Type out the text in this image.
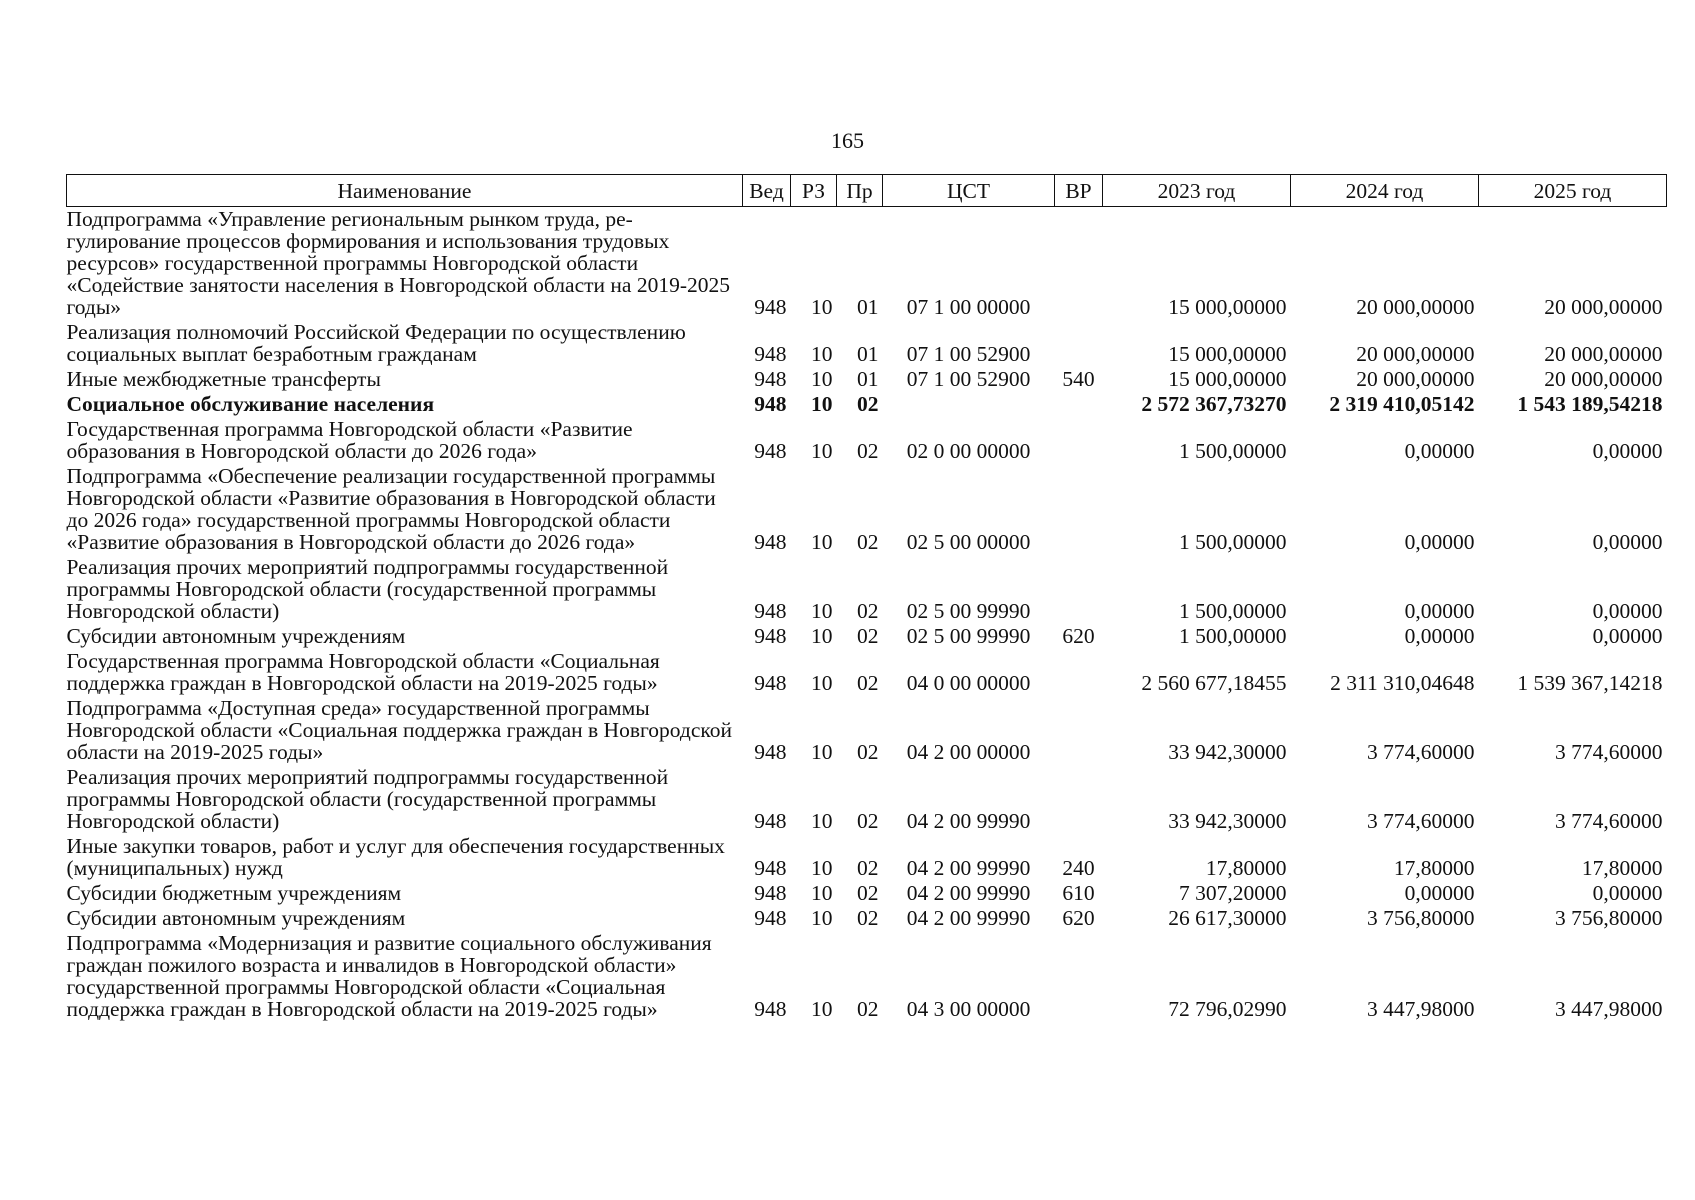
165
Наименование	Вед	РЗ	Пр	ЦСТ	ВР	2023 год	2024 год	2025 год
Подпрограмма «Управление региональным рынком труда, регулирование процессов формирования и использования трудовых ресурсов» государственной программы Новгородской области «Содействие занятости населения в Новгородской области на 2019-2025 годы»	948	10	01	07 1 00 00000		15 000,00000	20 000,00000	20 000,00000
Реализация полномочий Российской Федерации по осуществлению социальных выплат безработным гражданам	948	10	01	07 1 00 52900		15 000,00000	20 000,00000	20 000,00000
Иные межбюджетные трансферты	948	10	01	07 1 00 52900	540	15 000,00000	20 000,00000	20 000,00000
Социальное обслуживание населения	948	10	02			2 572 367,73270	2 319 410,05142	1 543 189,54218
Государственная программа Новгородской области «Развитие образования в Новгородской области до 2026 года»	948	10	02	02 0 00 00000		1 500,00000	0,00000	0,00000
Подпрограмма «Обеспечение реализации государственной программы Новгородской области «Развитие образования в Новгородской области до 2026 года» государственной программы Новгородской области «Развитие образования в Новгородской области до 2026 года»	948	10	02	02 5 00 00000		1 500,00000	0,00000	0,00000
Реализация прочих мероприятий подпрограммы государственной программы Новгородской области (государственной программы Новгородской области)	948	10	02	02 5 00 99990		1 500,00000	0,00000	0,00000
Субсидии автономным учреждениям	948	10	02	02 5 00 99990	620	1 500,00000	0,00000	0,00000
Государственная программа Новгородской области «Социальная поддержка граждан в Новгородской области на 2019-2025 годы»	948	10	02	04 0 00 00000		2 560 677,18455	2 311 310,04648	1 539 367,14218
Подпрограмма «Доступная среда» государственной программы Новгородской области «Социальная поддержка граждан в Новгородской области на 2019-2025 годы»	948	10	02	04 2 00 00000		33 942,30000	3 774,60000	3 774,60000
Реализация прочих мероприятий подпрограммы государственной программы Новгородской области (государственной программы Новгородской области)	948	10	02	04 2 00 99990		33 942,30000	3 774,60000	3 774,60000
Иные закупки товаров, работ и услуг для обеспечения государственных (муниципальных) нужд	948	10	02	04 2 00 99990	240	17,80000	17,80000	17,80000
Субсидии бюджетным учреждениям	948	10	02	04 2 00 99990	610	7 307,20000	0,00000	0,00000
Субсидии автономным учреждениям	948	10	02	04 2 00 99990	620	26 617,30000	3 756,80000	3 756,80000
Подпрограмма «Модернизация и развитие социального обслуживания граждан пожилого возраста и инвалидов в Новгородской области» государственной программы Новгородской области «Социальная поддержка граждан в Новгородской области на 2019-2025 годы»	948	10	02	04 3 00 00000		72 796,02990	3 447,98000	3 447,98000
